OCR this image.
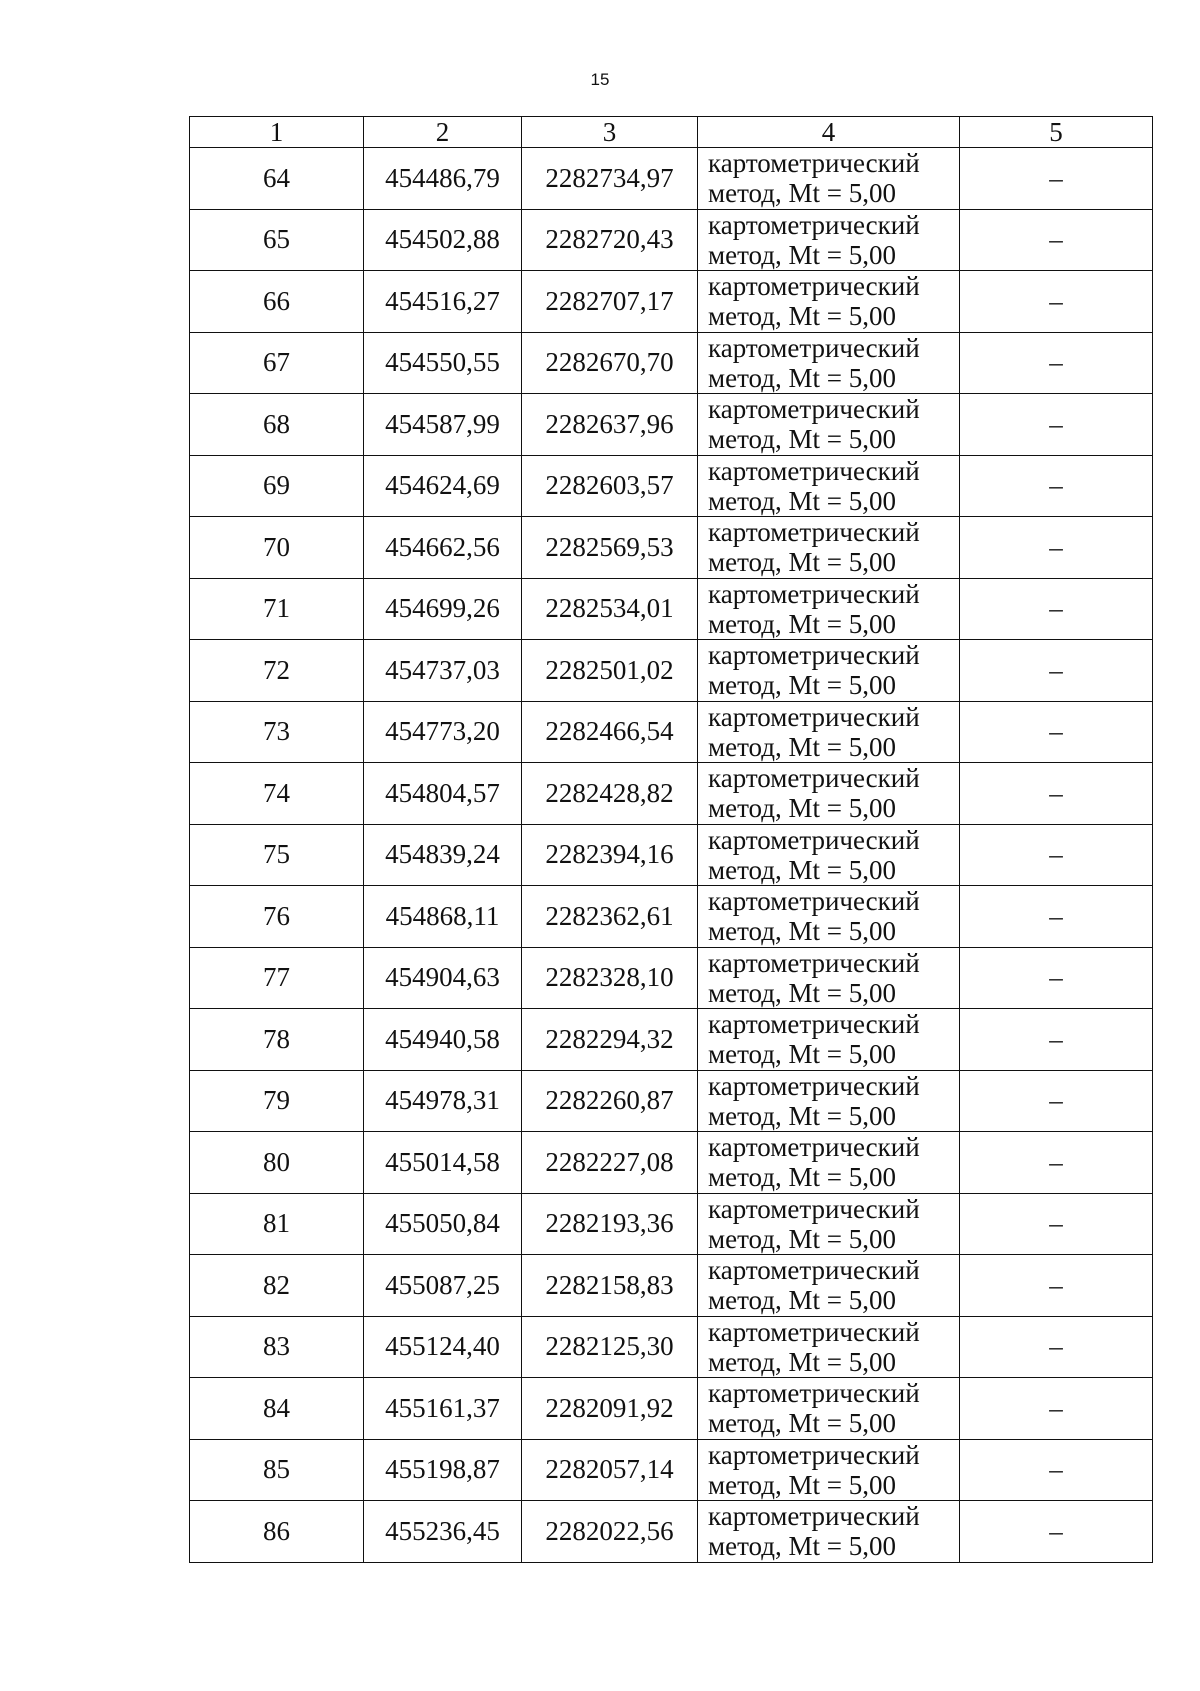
15
1	2	3	4	5
64	454486,79	2282734,97	картометрический
метод, Mt = 5,00	–
65	454502,88	2282720,43	картометрический
метод, Mt = 5,00	–
66	454516,27	2282707,17	картометрический
метод, Mt = 5,00	–
67	454550,55	2282670,70	картометрический
метод, Mt = 5,00	–
68	454587,99	2282637,96	картометрический
метод, Mt = 5,00	–
69	454624,69	2282603,57	картометрический
метод, Mt = 5,00	–
70	454662,56	2282569,53	картометрический
метод, Mt = 5,00	–
71	454699,26	2282534,01	картометрический
метод, Mt = 5,00	–
72	454737,03	2282501,02	картометрический
метод, Mt = 5,00	–
73	454773,20	2282466,54	картометрический
метод, Mt = 5,00	–
74	454804,57	2282428,82	картометрический
метод, Mt = 5,00	–
75	454839,24	2282394,16	картометрический
метод, Mt = 5,00	–
76	454868,11	2282362,61	картометрический
метод, Mt = 5,00	–
77	454904,63	2282328,10	картометрический
метод, Mt = 5,00	–
78	454940,58	2282294,32	картометрический
метод, Mt = 5,00	–
79	454978,31	2282260,87	картометрический
метод, Mt = 5,00	–
80	455014,58	2282227,08	картометрический
метод, Mt = 5,00	–
81	455050,84	2282193,36	картометрический
метод, Mt = 5,00	–
82	455087,25	2282158,83	картометрический
метод, Mt = 5,00	–
83	455124,40	2282125,30	картометрический
метод, Mt = 5,00	–
84	455161,37	2282091,92	картометрический
метод, Mt = 5,00	–
85	455198,87	2282057,14	картометрический
метод, Mt = 5,00	–
86	455236,45	2282022,56	картометрический
метод, Mt = 5,00	–
